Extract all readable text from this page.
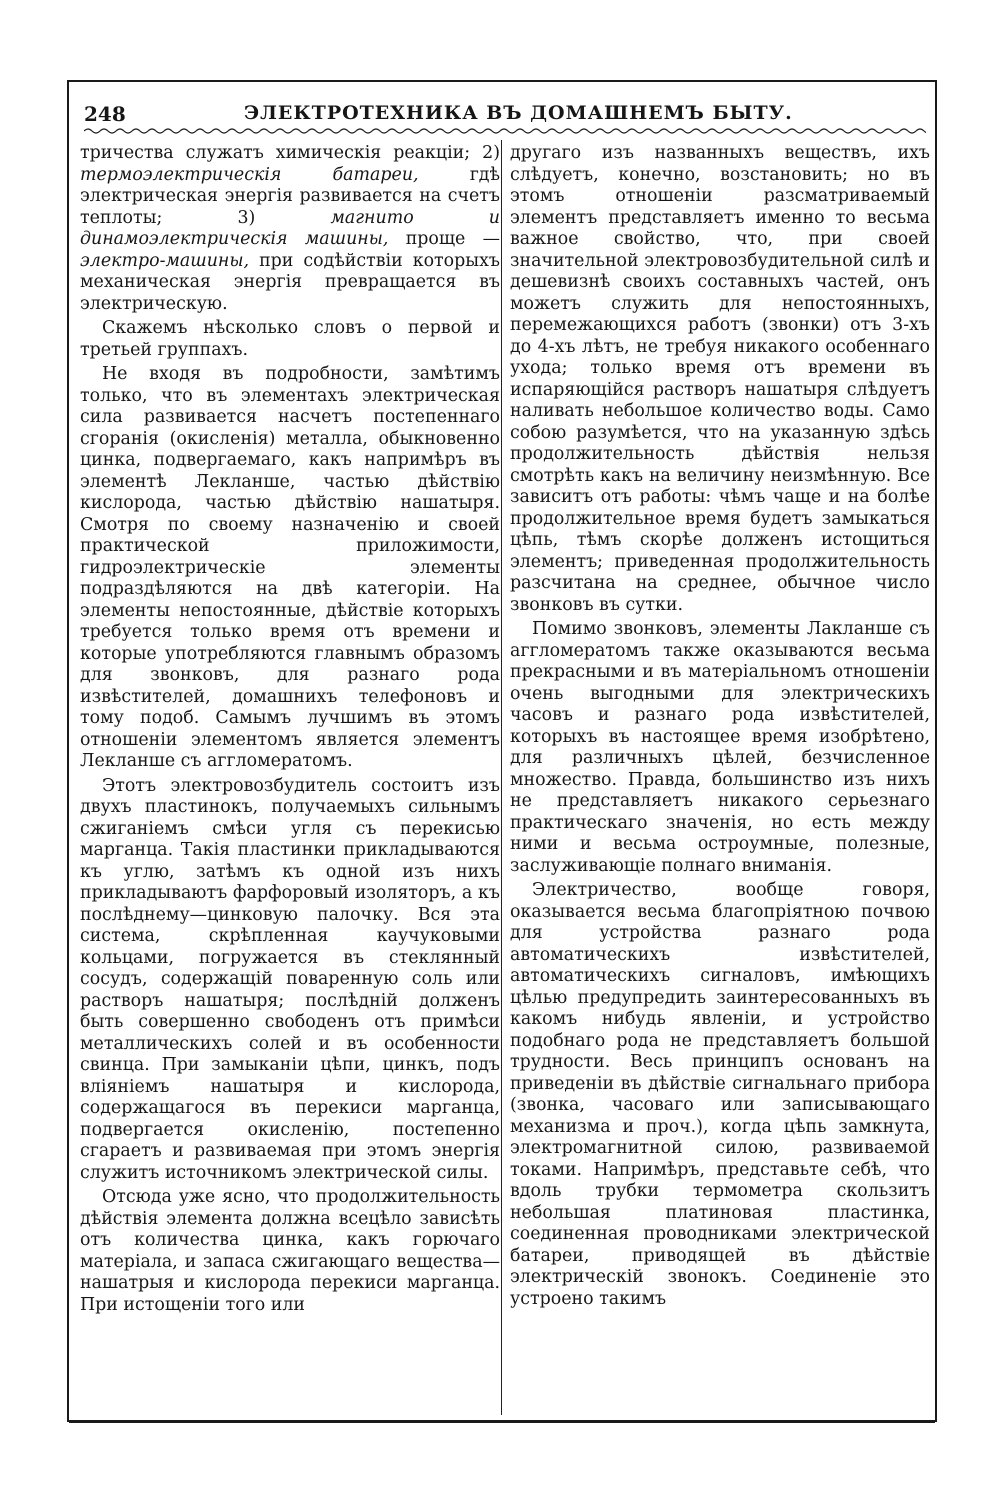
248	ЭЛЕКТРОТЕХНИКА ВЪ ДОМАШНЕМЪ БЫТУ.

тричества служатъ химическія реакціи; 2) термоэлектрическія батареи, гдѣ электрическая энергія развивается на счетъ теплоты; 3) магнито и динамоэлектрическія машины, проще — электро-машины, при содѣйствіи которыхъ механическая энергія превращается въ электрическую.

Скажемъ нѣсколько словъ о первой и третьей группахъ.

Не входя въ подробности, замѣтимъ только, что въ элементахъ электрическая сила развивается насчетъ постепеннаго сгоранія (окисленія) металла, обыкновенно цинка, подвергаемаго, какъ напримѣръ въ элементѣ Лекланше, частью дѣйствію кислорода, частью дѣйствію нашатыря. Смотря по своему назначенію и своей практической приложимости, гидроэлектрическіе элементы подраздѣляются на двѣ категоріи. На элементы непостоянные, дѣйствіе которыхъ требуется только время отъ времени и которые употребляются главнымъ образомъ для звонковъ, для разнаго рода извѣстителей, домашнихъ телефоновъ и тому подоб. Самымъ лучшимъ въ этомъ отношеніи элементомъ является элементъ Лекланше съ аггломератомъ.

Этотъ электровозбудитель состоитъ изъ двухъ пластинокъ, получаемыхъ сильнымъ сжиганіемъ смѣси угля съ перекисью марганца. Такія пластинки прикладываются къ углю, затѣмъ къ одной изъ нихъ прикладываютъ фарфоровый изоляторъ, а къ послѣднему—цинковую палочку. Вся эта система, скрѣпленная каучуковыми кольцами, погружается въ стеклянный сосудъ, содержащій поваренную соль или растворъ нашатыря; послѣдній долженъ быть совершенно свободенъ отъ примѣси металлическихъ солей и въ особенности свинца. При замыканіи цѣпи, цинкъ, подъ вліяніемъ нашатыря и кислорода, содержащагося въ перекиси марганца, подвергается окисленію, постепенно сгараетъ и развиваемая при этомъ энергія служитъ источникомъ электрической силы.

Отсюда уже ясно, что продолжительность дѣйствія элемента должна всецѣло зависѣть отъ количества цинка, какъ горючаго матеріала, и запаса сжигающаго вещества—нашатрыя и кислорода перекиси марганца. При истощеніи того или

другаго изъ названныхъ веществъ, ихъ слѣдуетъ, конечно, возстановить; но въ этомъ отношеніи разсматриваемый элементъ представляетъ именно то весьма важное свойство, что, при своей значительной электровозбудительной силѣ и дешевизнѣ своихъ составныхъ частей, онъ можетъ служить для непостоянныхъ, перемежающихся работъ (звонки) отъ 3-хъ до 4-хъ лѣтъ, не требуя никакого особеннаго ухода; только время отъ времени въ испаряющійся растворъ нашатыря слѣдуетъ наливать небольшое количество воды. Само собою разумѣется, что на указанную здѣсь продолжительность дѣйствія нельзя смотрѣть какъ на величину неизмѣнную. Все зависитъ отъ работы: чѣмъ чаще и на болѣе продолжительное время будетъ замыкаться цѣпь, тѣмъ скорѣе долженъ истощиться элементъ; приведенная продолжительность разсчитана на среднее, обычное число звонковъ въ сутки.

Помимо звонковъ, элементы Лакланше съ аггломератомъ также оказываются весьма прекрасными и въ матеріальномъ отношеніи очень выгодными для электрическихъ часовъ и разнаго рода извѣстителей, которыхъ въ настоящее время изобрѣтено, для различныхъ цѣлей, безчисленное множество. Правда, большинство изъ нихъ не представляетъ никакого серьезнаго практическаго значенія, но есть между ними и весьма остроумные, полезные, заслуживающіе полнаго вниманія.

Электричество, вообще говоря, оказывается весьма благопріятною почвою для устройства разнаго рода автоматическихъ извѣстителей, автоматическихъ сигналовъ, имѣющихъ цѣлью предупредить заинтересованныхъ въ какомъ нибудь явленіи, и устройство подобнаго рода не представляетъ большой трудности. Весь принципъ основанъ на приведеніи въ дѣйствіе сигнальнаго прибора (звонка, часоваго или записывающаго механизма и проч.), когда цѣпь замкнута, электромагнитной силою, развиваемой токами. Напримѣръ, представьте себѣ, что вдоль трубки термометра скользитъ небольшая платиновая пластинка, соединенная проводниками электрической батареи, приводящей въ дѣйствіе электрическій звонокъ. Соединеніе это устроено такимъ
